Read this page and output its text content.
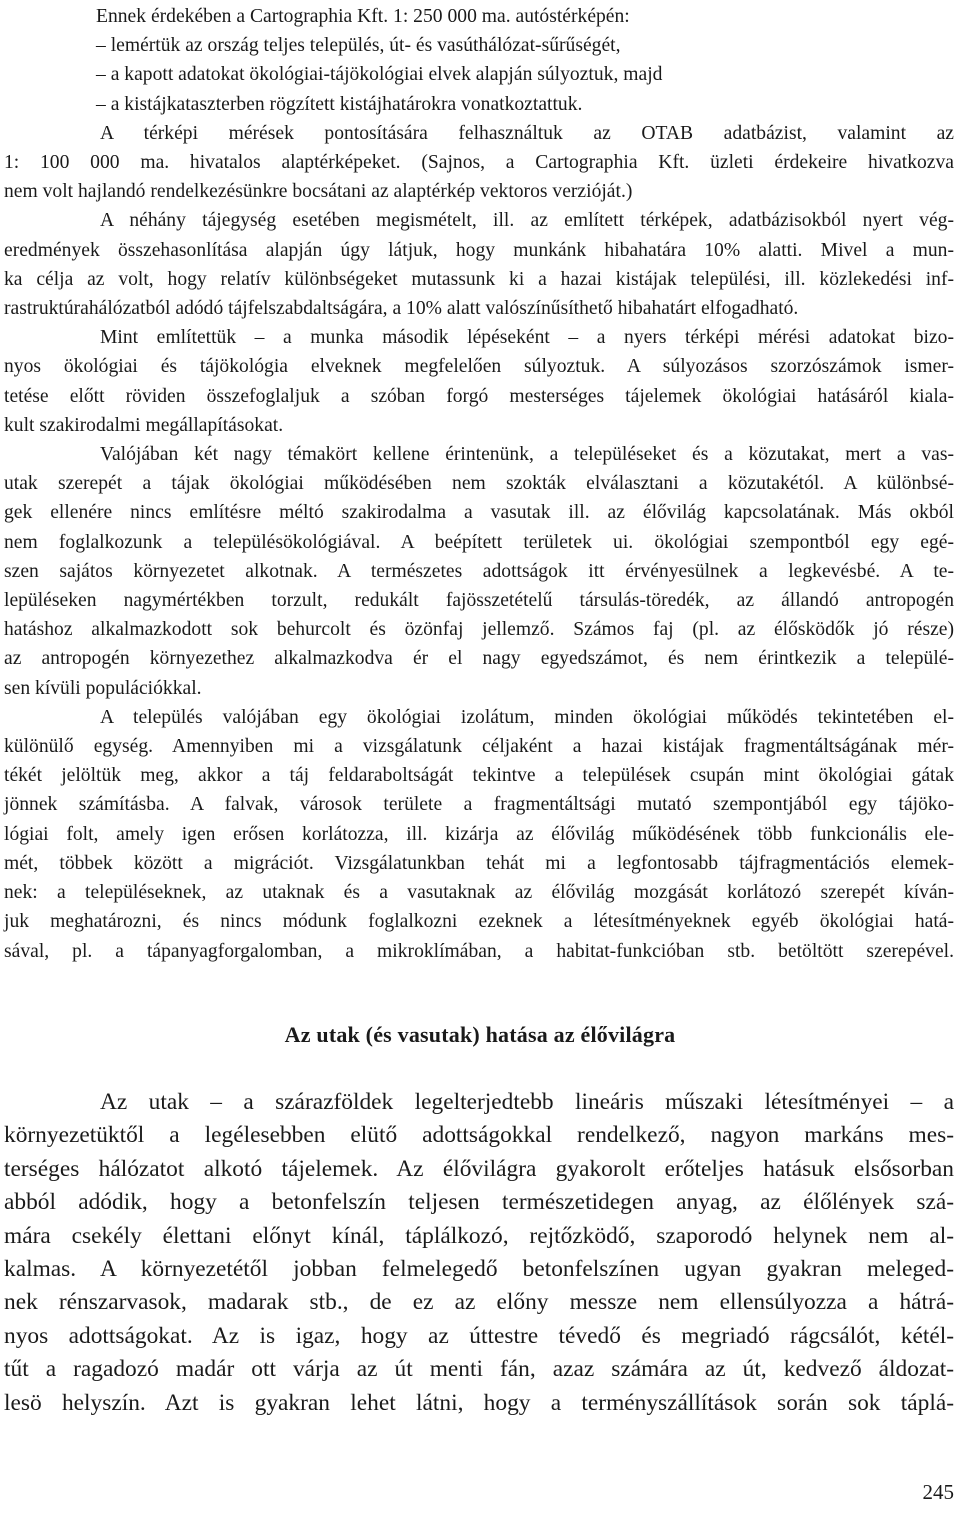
Ennek érdekében a Cartographia Kft. 1: 250 000 ma. autóstérképén:
– lemértük az ország teljes település, út- és vasúthálózat-sűrűségét,
– a kapott adatokat ökológiai-tájökológiai elvek alapján súlyoztuk, majd
– a kistájkataszterben rögzített kistájhatárokra vonatkoztattuk.

A térképi mérések pontosítására felhasználtuk az OTAB adatbázist, valamint az
1: 100 000 ma. hivatalos alaptérképeket. (Sajnos, a Cartographia Kft. üzleti érdekeire hivatkozva
nem volt hajlandó rendelkezésünkre bocsátani az alaptérkép vektoros verzióját.)

A néhány tájegység esetében megismételt, ill. az említett térképek, adatbázisokból nyert vég-
eredmények összehasonlítása alapján úgy látjuk, hogy munkánk hibahatára 10% alatti. Mivel a mun-
ka célja az volt, hogy relatív különbségeket mutassunk ki a hazai kistájak települési, ill. közlekedési inf-
rastruktúrahálózatból adódó tájfelszabdaltságára, a 10% alatt valószínűsíthető hibahatárt elfogadható.

Mint említettük – a munka második lépéseként – a nyers térképi mérési adatokat bizo-
nyos ökológiai és tájökológia elveknek megfelelően súlyoztuk. A súlyozásos szorzószámok ismer-
tetése előtt röviden összefoglaljuk a szóban forgó mesterséges tájelemek ökológiai hatásáról kiala-
kult szakirodalmi megállapításokat.

Valójában két nagy témakört kellene érintenünk, a településeket és a közutakat, mert a vas-
utak szerepét a tájak ökológiai működésében nem szokták elválasztani a közutakétól. A különbsé-
gek ellenére nincs említésre méltó szakirodalma a vasutak ill. az élővilág kapcsolatának. Más okból
nem foglalkozunk a településökológiával. A beépített területek ui. ökológiai szempontból egy egé-
szen sajátos környezetet alkotnak. A természetes adottságok itt érvényesülnek a legkevésbé. A te-
lepüléseken nagymértékben torzult, redukált fajösszetételű társulás-töredék, az állandó antropogén
hatáshoz alkalmazkodott sok behurcolt és özönfaj jellemző. Számos faj (pl. az élősködők jó része)
az antropogén környezethez alkalmazkodva ér el nagy egyedszámot, és nem érintkezik a települé-
sen kívüli populációkkal.

A település valójában egy ökológiai izolátum, minden ökológiai működés tekintetében el-
különülő egység. Amennyiben mi a vizsgálatunk céljaként a hazai kistájak fragmentáltságának mér-
tékét jelöltük meg, akkor a táj feldaraboltságát tekintve a települések csupán mint ökológiai gátak
jönnek számításba. A falvak, városok területe a fragmentáltsági mutató szempontjából egy tájöko-
lógiai folt, amely igen erősen korlátozza, ill. kizárja az élővilág működésének több funkcionális ele-
mét, többek között a migrációt. Vizsgálatunkban tehát mi a legfontosabb tájfragmentációs elemek-
nek: a településeknek, az utaknak és a vasutaknak az élővilág mozgását korlátozó szerepét kíván-
juk meghatározni, és nincs módunk foglalkozni ezeknek a létesítményeknek egyéb ökológiai hatá-
sával, pl. a tápanyagforgalomban, a mikroklímában, a habitat-funkcióban stb. betöltött szerepével.

Az utak (és vasutak) hatása az élővilágra

Az utak – a szárazföldek legelterjedtebb lineáris műszaki létesítményei – a
környezetüktől a legélesebben elütő adottságokkal rendelkező, nagyon markáns mes-
terséges hálózatot alkotó tájelemek. Az élővilágra gyakorolt erőteljes hatásuk elsősorban
abból adódik, hogy a betonfelszín teljesen természetidegen anyag, az élőlények szá-
mára csekély élettani előnyt kínál, táplálkozó, rejtőzködő, szaporodó helynek nem al-
kalmas. A környezetétől jobban felmelegedő betonfelszínen ugyan gyakran meleged-
nek rénszarvasok, madarak stb., de ez az előny messze nem ellensúlyozza a hátrá-
nyos adottságokat. Az is igaz, hogy az úttestre tévedő és megriadó rágcsálót, kétél-
tűt a ragadozó madár ott várja az út menti fán, azaz számára az út, kedvező áldozat-
lesö helyszín. Azt is gyakran lehet látni, hogy a terményszállítások során sok táplá-

245
